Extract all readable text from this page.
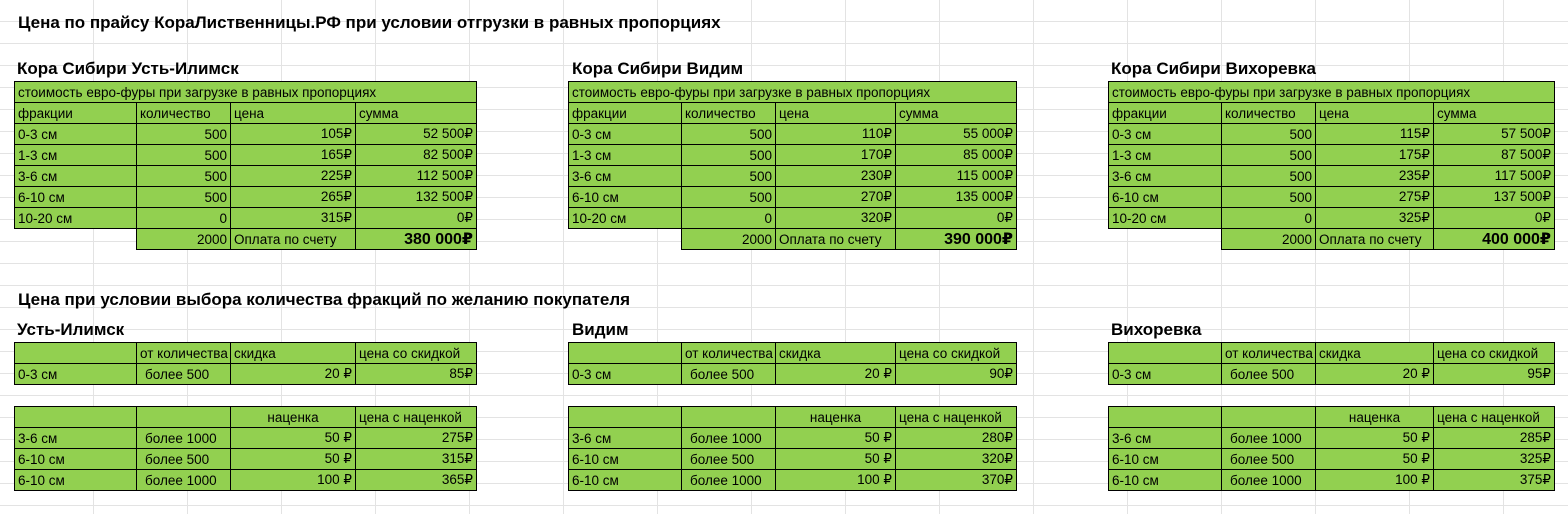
Цена по прайсу КораЛиственницы.РФ при условии отгрузки в равных пропорциях
Кора Сибири Усть-Илимск
стоимость евро-фуры при загрузке в равных пропорциях			
фракции	количество	цена	сумма
0-3 см	500	105₽	52 500₽
1-3 см	500	165₽	82 500₽
3-6 см	500	225₽	112 500₽
6-10 см	500	265₽	132 500₽
10-20 см	0	315₽	0₽
	2000	Оплата по счету	380 000₽
Кора Сибири Видим
стоимость евро-фуры при загрузке в равных пропорциях			
фракции	количество	цена	сумма
0-3 см	500	110₽	55 000₽
1-3 см	500	170₽	85 000₽
3-6 см	500	230₽	115 000₽
6-10 см	500	270₽	135 000₽
10-20 см	0	320₽	0₽
	2000	Оплата по счету	390 000₽
Кора Сибири Вихоревка
стоимость евро-фуры при загрузке в равных пропорциях			
фракции	количество	цена	сумма
0-3 см	500	115₽	57 500₽
1-3 см	500	175₽	87 500₽
3-6 см	500	235₽	117 500₽
6-10 см	500	275₽	137 500₽
10-20 см	0	325₽	0₽
	2000	Оплата по счету	400 000₽
Цена при условии выбора количества фракций по желанию покупателя
Усть-Илимск
	от количества	скидка	цена со скидкой
0-3 см	более 500	20 ₽	85₽
Видим
	от количества	скидка	цена со скидкой
0-3 см	более 500	20 ₽	90₽
Вихоревка
	от количества	скидка	цена со скидкой
0-3 см	более 500	20 ₽	95₽
		наценка	цена с наценкой
3-6 см	более 1000	50 ₽	275₽
6-10 см	более 500	50 ₽	315₽
6-10 см	более 1000	100 ₽	365₽
		наценка	цена с наценкой
3-6 см	более 1000	50 ₽	280₽
6-10 см	более 500	50 ₽	320₽
6-10 см	более 1000	100 ₽	370₽
		наценка	цена с наценкой
3-6 см	более 1000	50 ₽	285₽
6-10 см	более 500	50 ₽	325₽
6-10 см	более 1000	100 ₽	375₽
